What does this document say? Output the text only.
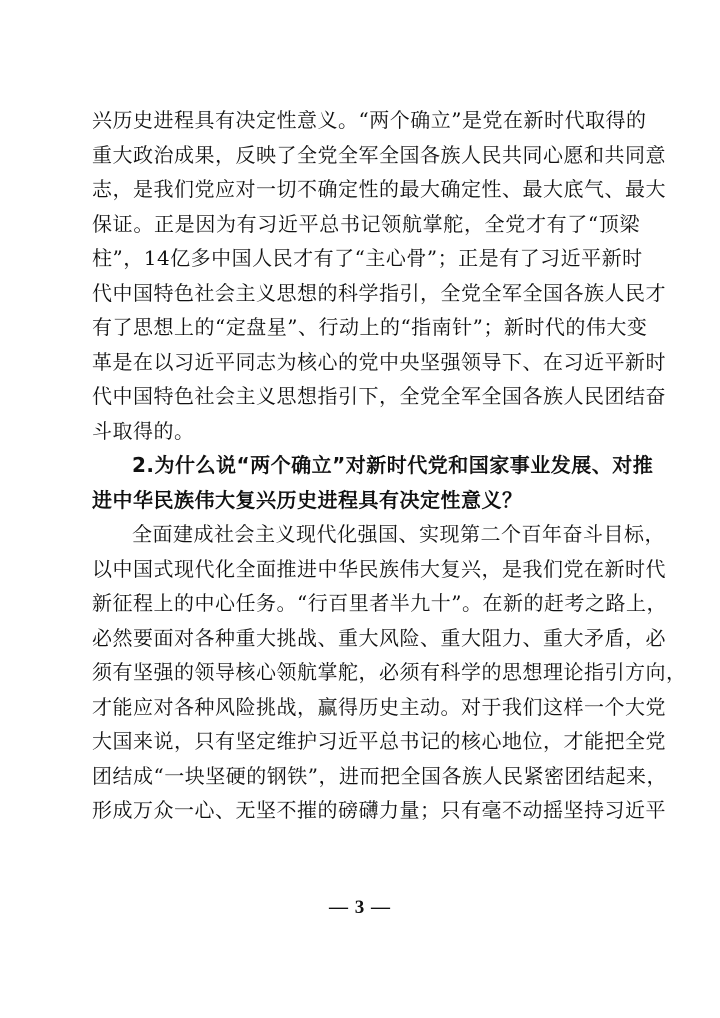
兴历史进程具有决定性意义。“两个确立”是党在新时代取得的
重大政治成果，反映了全党全军全国各族人民共同心愿和共同意
志，是我们党应对一切不确定性的最大确定性、最大底气、最大
保证。正是因为有习近平总书记领航掌舵，全党才有了“顶梁
柱”，14亿多中国人民才有了“主心骨”；正是有了习近平新时
代中国特色社会主义思想的科学指引，全党全军全国各族人民才
有了思想上的“定盘星”、行动上的“指南针”；新时代的伟大变
革是在以习近平同志为核心的党中央坚强领导下、在习近平新时
代中国特色社会主义思想指引下，全党全军全国各族人民团结奋
斗取得的。
2.为什么说“两个确立”对新时代党和国家事业发展、对推
进中华民族伟大复兴历史进程具有决定性意义？
全面建成社会主义现代化强国、实现第二个百年奋斗目标，
以中国式现代化全面推进中华民族伟大复兴，是我们党在新时代
新征程上的中心任务。“行百里者半九十”。在新的赶考之路上，
必然要面对各种重大挑战、重大风险、重大阻力、重大矛盾，必
须有坚强的领导核心领航掌舵，必须有科学的思想理论指引方向，
才能应对各种风险挑战，赢得历史主动。对于我们这样一个大党
大国来说，只有坚定维护习近平总书记的核心地位，才能把全党
团结成“一块坚硬的钢铁”，进而把全国各族人民紧密团结起来，
形成万众一心、无坚不摧的磅礴力量；只有毫不动摇坚持习近平
— 3 —
